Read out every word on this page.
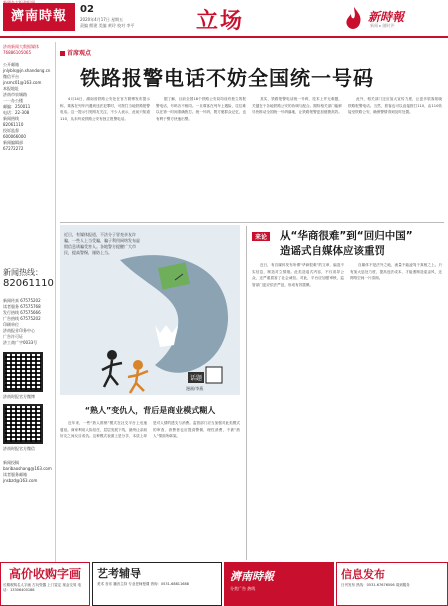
濟南時報	02
2020年4月17日 星期五
责编 熊建 美编 黄玲 校对 李平	立场	新時報
新闻 ▸ 随时评
济南新闻大数据媒体
76886105065
公开邮箱
jnlybls@jn.shandong.cn
微信平台
jnsmc01@163.com
本报地址
济南市泉城路
一一办公楼
邮编：250011
电话：22-308
新闻热线
82061110
投诉监督
600066000
新闻编辑部
67272272
新闻热线：
82061110
新闻传真 67575202
读者服务 67575768
发行热线 67575666
广告热线 67575202
印刷单位
济南报业印务中心
广告许可证
济工商广字0033号
济南时报官方微博
济南时报官方微信
新闻投稿
baribaoshang@163.com
读者服务邮箱
jnsbzd@163.com
首席观点
铁路报警电话不妨全国统一号码

4月14日，湖南省铁路公安处在官方微博发布提示称，乘客在列车内遇到违法犯罪时，可拨打当地铁路报警电话。这一提示引发网友关注，不少人表示，此前只知道110，从未听说铁路公安有独立报警电话。

据了解，目前全国18个铁路公安局均设有独立的报警电话，号码各不相同。一旦乘客在列车上遇险，往往难以在第一时间准确拨打。统一号码，既方便群众记忆，也有利于警方快速出警。

其实，铁路报警电话统一号码，技术上并无难题，关键在于各地铁路公安的协调与配合。期待相关部门能够尽快推动全国统一号码落地，让铁路报警更加便捷高效。

此外，相关部门还应加大宣传力度，让更多旅客知晓铁路报警电话。当然，旅客也可以直接拨打110，由110转接至铁路公安，确保警情得到及时处置。

近日，有媒体报道，不法分子冒充亲友诈骗，一些人上当受骗，骗子利用网络发布虚假信息诱骗受害人。各地警方提醒广大市民，提高警惕，谨防上当。
话题
漫画/李燕
“熟人”变仇人，背后是商业模式糊人

近年来，一些“熟人推销”模式在社交平台上迅速蔓延。商家利用人际信任，层层发展下线，最终让亲朋好友之间反目成仇。这种模式表面上是分享，本质上却是对人情的透支与消费。监管部门应当加强对此类模式的审查，消费者也应提高警惕，理性消费，不被“熟人”情面所绑架。

来论 从“华商很难”到“回归中国”
造谣式自媒体应该重罚

近日，有自媒体发布所谓“华商很难”的文章，编造不实信息，制造对立情绪。此类造谣式内容，不仅误导公众，还严重损害了社会诚信。对此，平台应加强审核，监管部门更应依法严惩，形成有效震慑。

自媒体不是法外之地，流量不能凌驾于真相之上。只有加大惩处力度，提高违法成本，才能遏制造谣歪风，还网络空间一片清朗。

高价收购字画
长期收购名人字画 古玩瓷器 上门鉴定 现金交易 电话：13306400188
艺考辅导
美术 音乐 播音主持 专业老师授课 咨询：0531-68811688
濟南時報
分类广告 热线
信息发布
日刊发布 热线：0531-67676506 周到服务
